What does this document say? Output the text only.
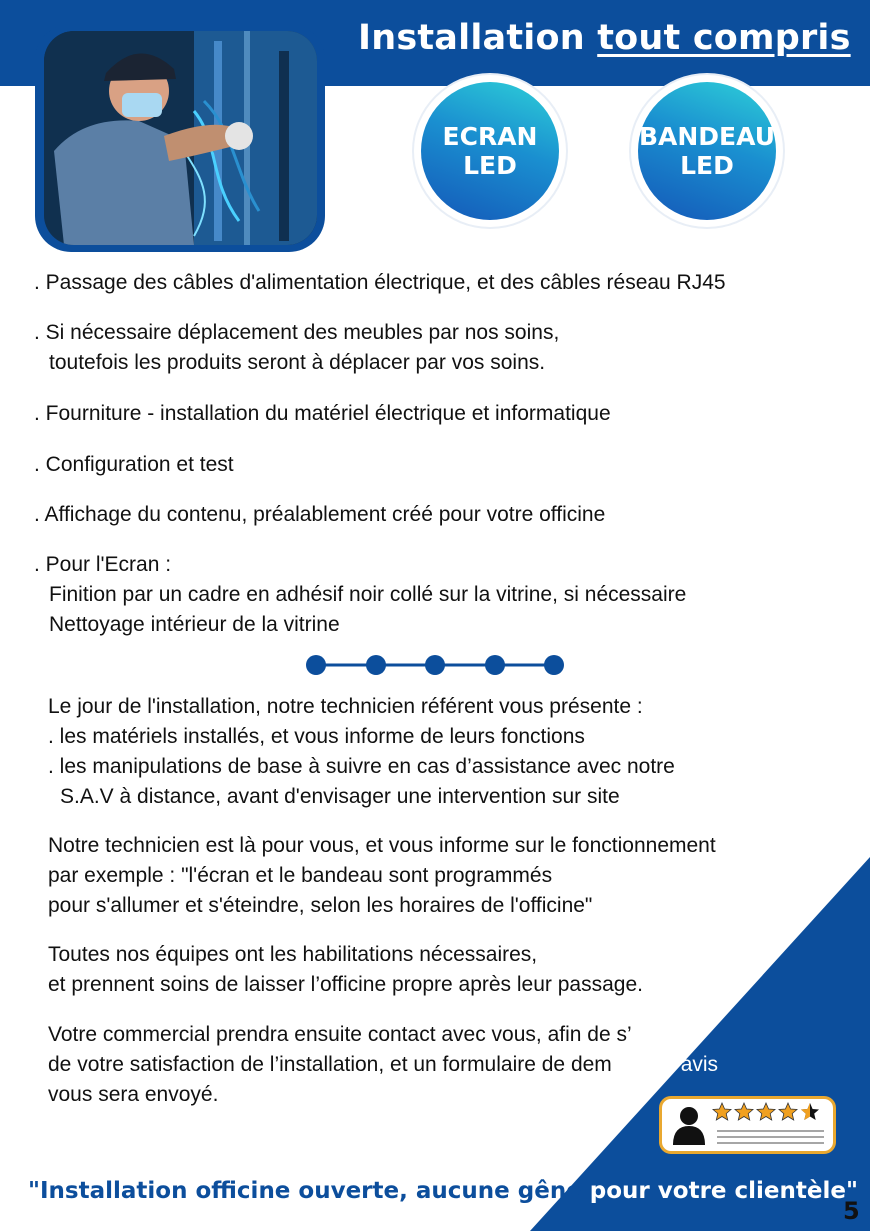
Installation tout compris
ECRAN
LED
BANDEAU
LED
. Passage des câbles d'alimentation électrique, et des câbles réseau RJ45
. Si nécessaire déplacement des meubles par nos soins,
toutefois les produits seront à déplacer par vos soins.
. Fourniture - installation du matériel électrique et informatique
. Configuration et test
. Affichage du contenu, préalablement créé pour votre officine
. Pour l'Ecran :
Finition par un cadre en adhésif noir collé sur la vitrine, si nécessaire
Nettoyage intérieur de la vitrine
Le jour de l'installation, notre technicien référent vous présente :
. les matériels installés, et vous informe de leurs fonctions
. les manipulations de base à suivre en cas d’assistance avec notre
S.A.V à distance, avant d'envisager une intervention sur site
Notre technicien est là pour vous, et vous informe sur le fonctionnement
par exemple : "l'écran et le bandeau sont programmés
pour s'allumer et s'éteindre, selon les horaires de l'officine"
Toutes nos équipes ont les habilitations nécessaires,
et prennent soins de laisser l’officine propre après leur passage.
Votre commercial prendra ensuite contact avec vous, afin de s’assurer
de votre satisfaction de l’installation, et un formulaire de demande d’avis
vous sera envoyé.
"Installation officine ouverte, aucune gêne pour votre clientèle"
5
